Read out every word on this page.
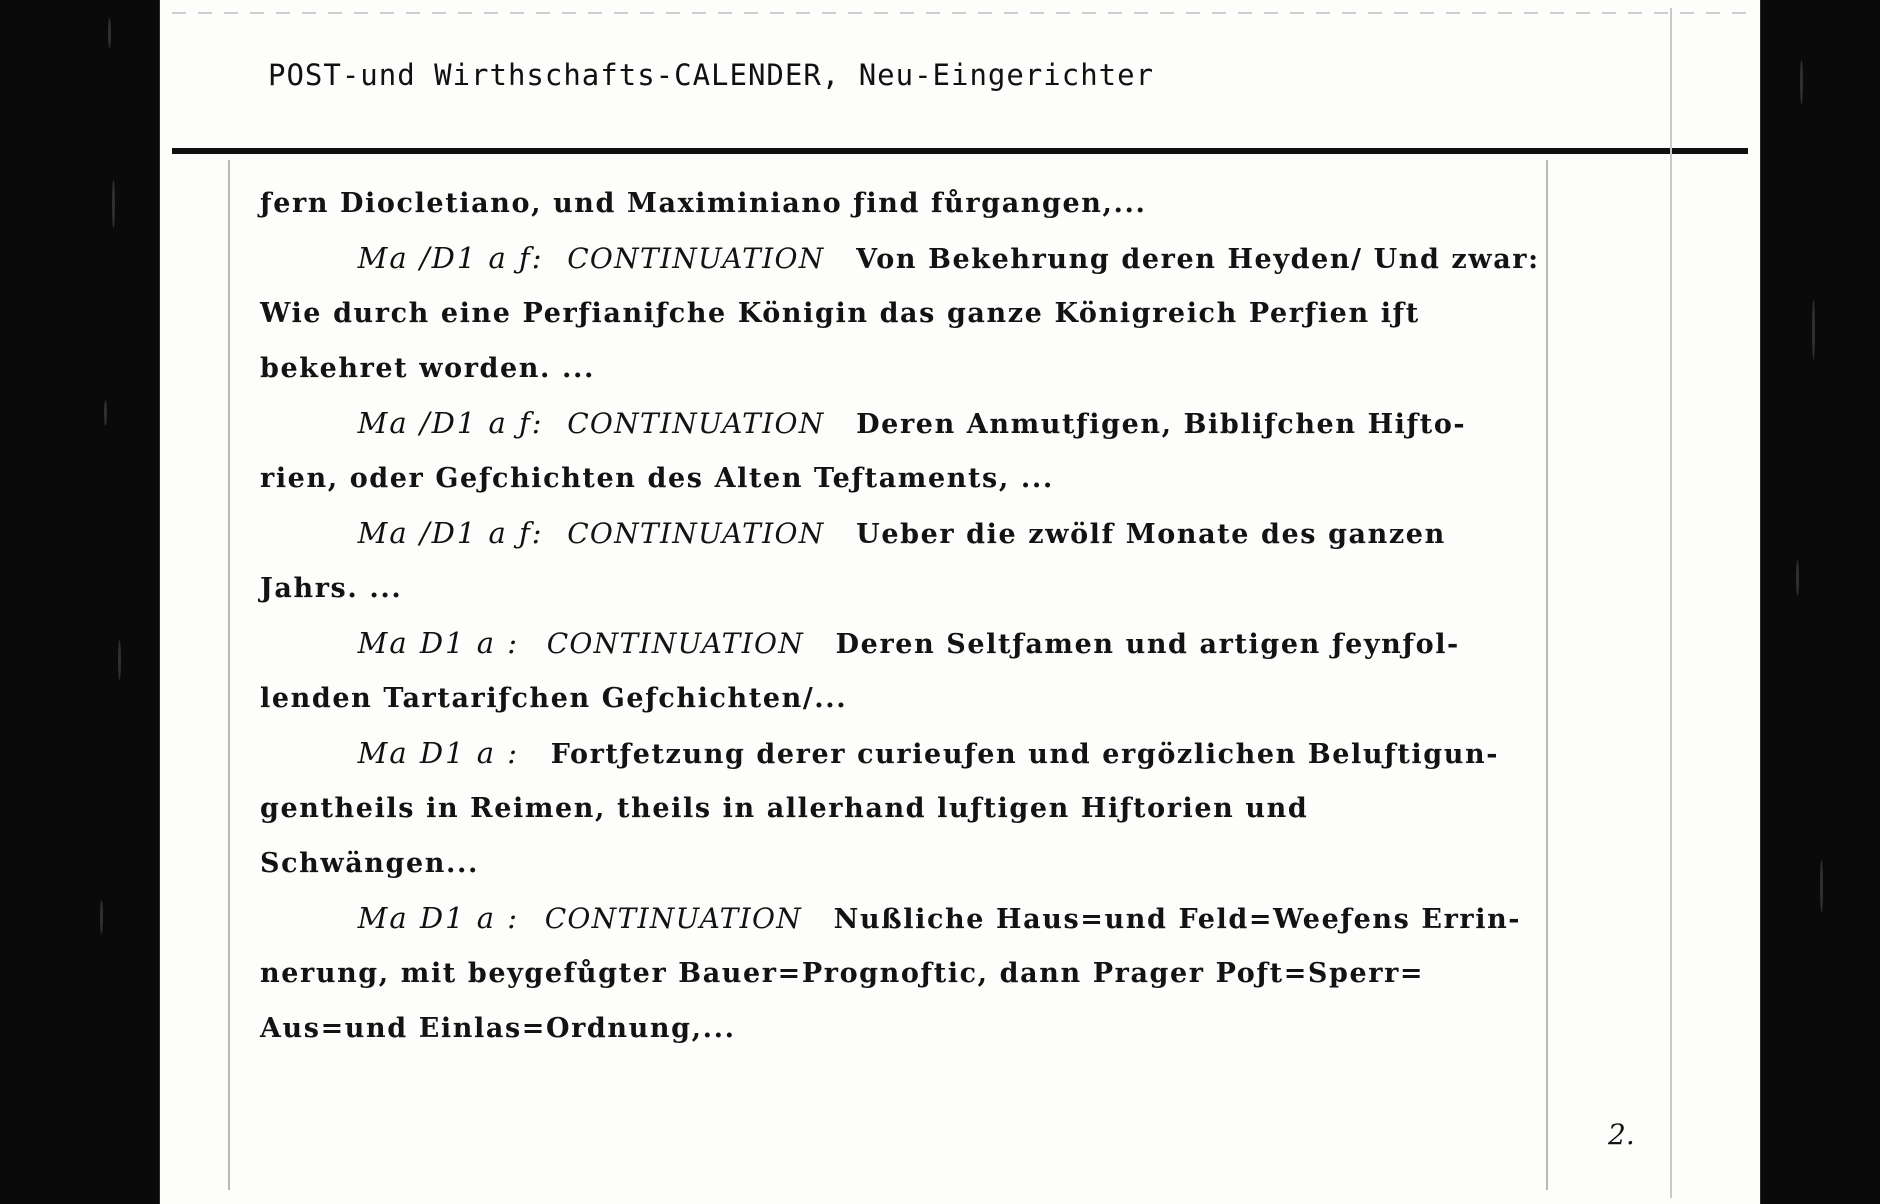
POST-und Wirthschafts-CALENDER, Neu-Eingerichter
ƒern Diocletiano, und Maximiniano ƒind fůrgangen,...
Ma /D1 a ƒ: CONTINUATION Von Bekehrung deren Heyden/ Und zwar:
Wie durch eine Perƒianiƒche Königin das ganze Königreich Perƒien iƒt
bekehret worden. ...
Ma /D1 a ƒ: CONTINUATION Deren Anmutƒigen, Bibliƒchen Hiƒto-
rien, oder Geƒchichten des Alten Teƒtaments, ...
Ma /D1 a ƒ: CONTINUATION Ueber die zwölf Monate des ganzen
Jahrs. ...
Ma D1 a : CONTINUATION Deren Seltƒamen und artigen ƒeynƒol-
lenden Tartariƒchen Geƒchichten/...
Ma D1 a : Fortƒetzung derer curieuƒen und ergözlichen Beluƒtigun-
gentheils in Reimen, theils in allerhand luƒtigen Hiƒtorien und
Schwängen...
Ma D1 a : CONTINUATION Nußliche Haus=und Feld=Weeƒens Errin-
nerung, mit beygefůgter Bauer=Prognoƒtic, dann Prager Poƒt=Sperr=
Aus=und Einlas=Ordnung,...
2.
